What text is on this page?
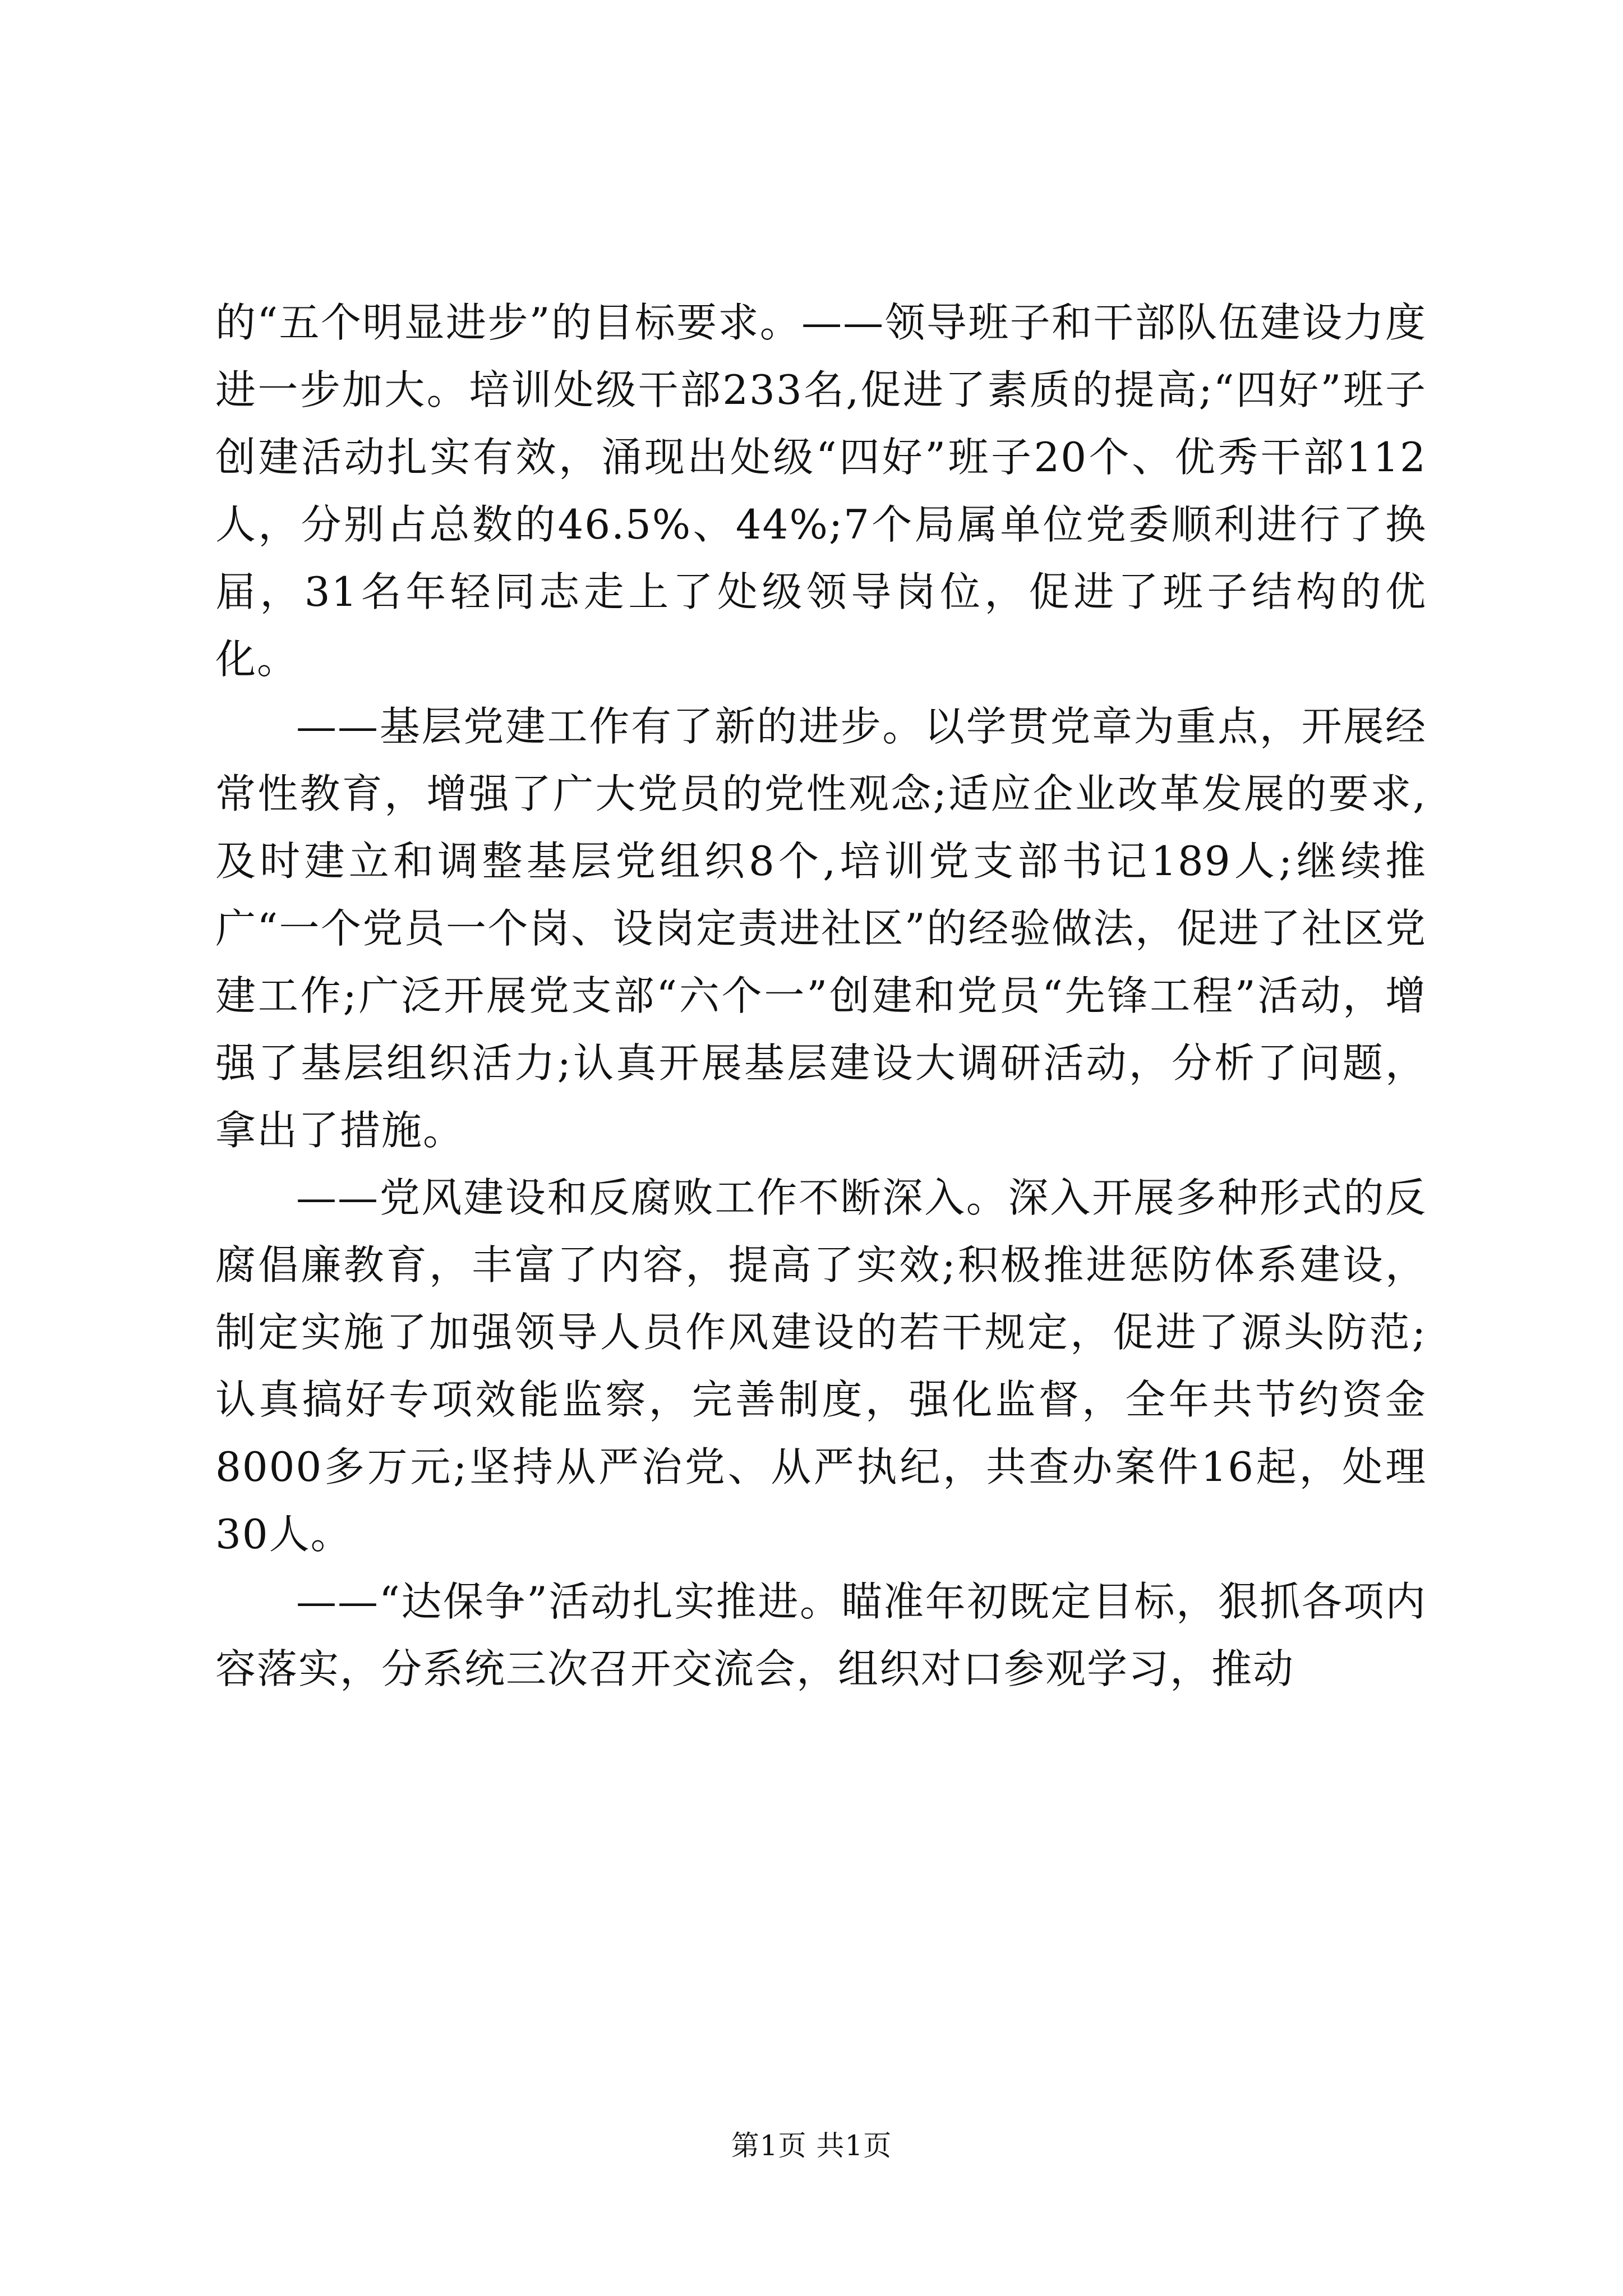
的“五个明显进步”的目标要求。——领导班子和干部队伍建设力度进一步加大。培训处级干部233名,促进了素质的提高;“四好”班子创建活动扎实有效，涌现出处级“四好”班子20个、优秀干部112人，分别占总数的46.5%、44%;7个局属单位党委顺利进行了换届，31名年轻同志走上了处级领导岗位，促进了班子结构的优化。

——基层党建工作有了新的进步。以学贯党章为重点，开展经常性教育，增强了广大党员的党性观念;适应企业改革发展的要求,及时建立和调整基层党组织8个,培训党支部书记189人;继续推广“一个党员一个岗、设岗定责进社区”的经验做法，促进了社区党建工作;广泛开展党支部“六个一”创建和党员“先锋工程”活动，增强了基层组织活力;认真开展基层建设大调研活动，分析了问题，拿出了措施。

——党风建设和反腐败工作不断深入。深入开展多种形式的反腐倡廉教育，丰富了内容，提高了实效;积极推进惩防体系建设，制定实施了加强领导人员作风建设的若干规定，促进了源头防范;认真搞好专项效能监察，完善制度，强化监督，全年共节约资金8000多万元;坚持从严治党、从严执纪，共查办案件16起，处理30人。

——“达保争”活动扎实推进。瞄准年初既定目标，狠抓各项内容落实，分系统三次召开交流会，组织对口参观学习，推动

第1页 共1页
